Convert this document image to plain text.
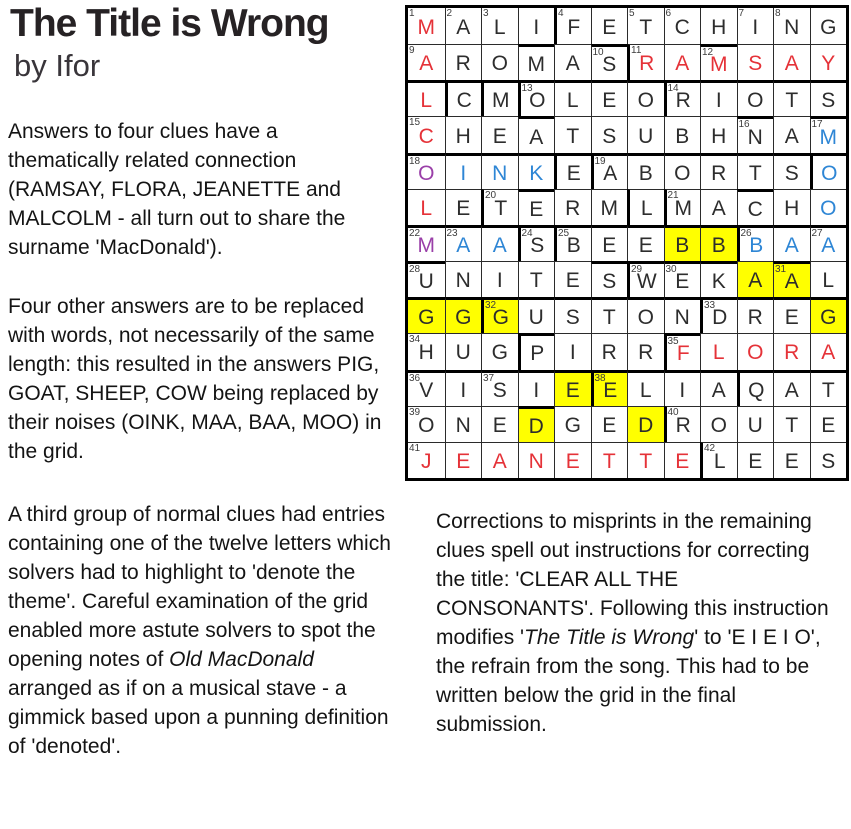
The Title is Wrong
by Ifor
Answers to four clues have a thematically related connection (RAMSAY, FLORA, JEANETTE and MALCOLM - all turn out to share the surname 'MacDonald').
Four other answers are to be replaced with words, not necessarily of the same length: this resulted in the answers PIG, GOAT, SHEEP, COW being replaced by their noises (OINK, MAA, BAA, MOO) in the grid.
A third group of normal clues had entries containing one of the twelve letters which solvers had to highlight to 'denote the theme'. Careful examination of the grid enabled more astute solvers to spot the opening notes of Old MacDonald arranged as if on a musical stave - a gimmick based upon a punning definition of 'denoted'.
1
M
2
A
3
L I
4
F E
5
T
6
C H
7
I
8
N G
9
A R O M A 10
S
11
R A 12
M S A Y
L C M
13
O L E O
14
R I O T S
15
C H E A T S U B H 16
N A 17
M
18
O I N K E
19
A B O R T S O
L E
20
T E R M L
21
M A C H O
22
M
23
A A
24
S
25
B E E B B
26
B A
27
A
28
U N I T E S
29
W
30
E K A 31
A L
G G
32
G U S T O N
33
D R E G
34
H U G P I R R 35
F L O R A
36
V I
37
S I E
38
E L I A Q A T
39
O N E D G E D
40
R O U T E
41
J E A N E T T E
42
L E E S
Corrections to misprints in the remaining clues spell out instructions for correcting the title: 'CLEAR ALL THE CONSONANTS'. Following this instruction modifies 'The Title is Wrong' to 'E I E I O', the refrain from the song. This had to be written below the grid in the final submission.
